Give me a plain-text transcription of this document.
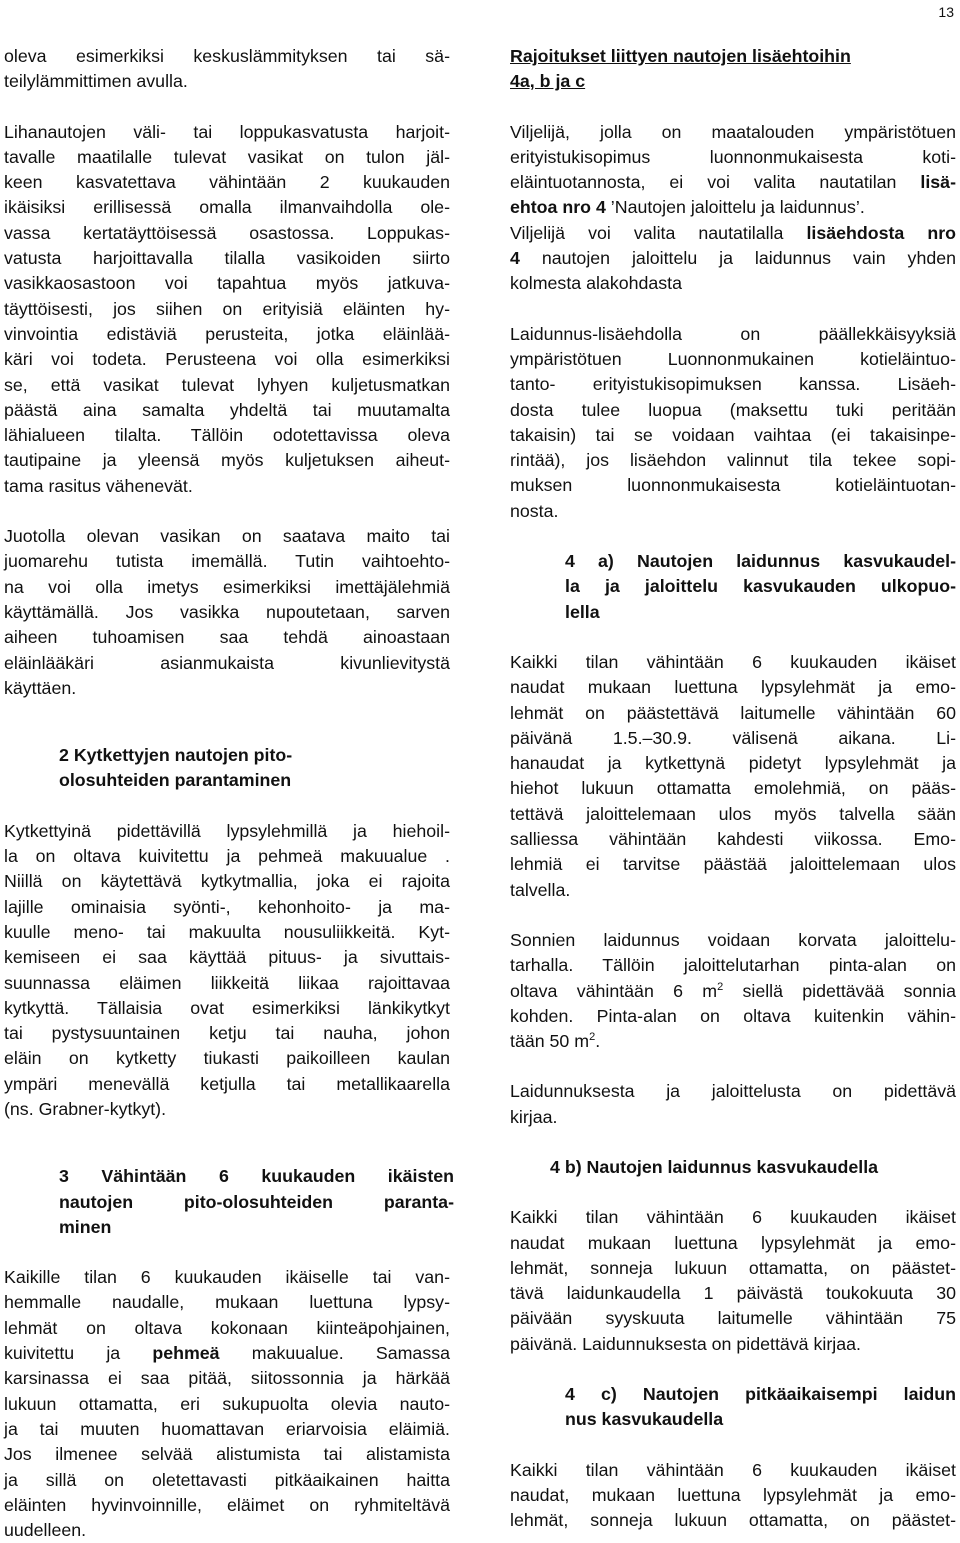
13
oleva esimerkiksi keskuslämmityksen tai sä-
teilylämmittimen avulla.
Lihanautojen väli- tai loppukasvatusta harjoit-
tavalle maatilalle tulevat vasikat on tulon jäl-
keen kasvatettava vähintään 2 kuukauden
ikäisiksi erillisessä omalla ilmanvaihdolla ole-
vassa kertatäyttöisessä osastossa. Loppukas-
vatusta harjoittavalla tilalla vasikoiden siirto
vasikkaosastoon voi tapahtua myös jatkuva-
täyttöisesti, jos siihen on erityisiä eläinten hy-
vinvointia edistäviä perusteita, jotka eläinlää-
käri voi todeta. Perusteena voi olla esimerkiksi
se, että vasikat tulevat lyhyen kuljetusmatkan
päästä aina samalta yhdeltä tai muutamalta
lähialueen tilalta. Tällöin odotettavissa oleva
tautipaine ja yleensä myös kuljetuksen aiheut-
tama rasitus vähenevät.
Juotolla olevan vasikan on saatava maito tai
juomarehu tutista imemällä. Tutin vaihtoehto-
na voi olla imetys esimerkiksi imettäjälehmiä
käyttämällä. Jos vasikka nupoutetaan, sarven
aiheen tuhoamisen saa tehdä ainoastaan
eläinlääkäri asianmukaista kivunlievitystä
käyttäen.
2 Kytkettyjen nautojen pito-
olosuhteiden parantaminen
Kytkettyinä pidettävillä lypsylehmillä ja hiehoil-
la on oltava kuivitettu ja pehmeä makuualue .
Niillä on käytettävä kytkytmallia, joka ei rajoita
lajille ominaisia syönti-, kehonhoito- ja ma-
kuulle meno- tai makuulta nousuliikkeitä. Kyt-
kemiseen ei saa käyttää pituus- ja sivuttais-
suunnassa eläimen liikkeitä liikaa rajoittavaa
kytkyttä. Tällaisia ovat esimerkiksi länkikytkyt
tai pystysuuntainen ketju tai nauha, johon
eläin on kytketty tiukasti paikoilleen kaulan
ympäri menevällä ketjulla tai metallikaarella
(ns. Grabner-kytkyt).
3 Vähintään 6 kuukauden ikäisten
nautojen pito-olosuhteiden paranta-
minen
Kaikille tilan 6 kuukauden ikäiselle tai van-
hemmalle naudalle, mukaan luettuna lypsy-
lehmät on oltava kokonaan kiinteäpohjainen,
kuivitettu ja pehmeä makuualue. Samassa
karsinassa ei saa pitää, siitossonnia ja härkää
lukuun ottamatta, eri sukupuolta olevia nauto-
ja tai muuten huomattavan eriarvoisia eläimiä.
Jos ilmenee selvää alistumista tai alistamista
ja sillä on oletettavasti pitkäaikainen haitta
eläinten hyvinvoinnille, eläimet on ryhmiteltävä
uudelleen.
Rajoitukset liittyen nautojen lisäehtoihin
4a, b ja c
Viljelijä, jolla on maatalouden ympäristötuen
erityistukisopimus luonnonmukaisesta koti-
eläintuotannosta, ei voi valita nautatilan lisä-
ehtoa nro 4 ’Nautojen jaloittelu ja laidunnus’.
Viljelijä voi valita nautatilalla lisäehdosta nro
4 nautojen jaloittelu ja laidunnus vain yhden
kolmesta alakohdasta
Laidunnus-lisäehdolla on päällekkäisyyksiä
ympäristötuen Luonnonmukainen kotieläintuo-
tanto- erityistukisopimuksen kanssa. Lisäeh-
dosta tulee luopua (maksettu tuki peritään
takaisin) tai se voidaan vaihtaa (ei takaisinpe-
rintää), jos lisäehdon valinnut tila tekee sopi-
muksen luonnonmukaisesta kotieläintuotan-
nosta.
4 a) Nautojen laidunnus kasvukaudel-
la ja jaloittelu kasvukauden ulkopuo-
lella
Kaikki tilan vähintään 6 kuukauden ikäiset
naudat mukaan luettuna lypsylehmät ja emo-
lehmät on päästettävä laitumelle vähintään 60
päivänä 1.5.–30.9. välisenä aikana. Li-
hanaudat ja kytkettynä pidetyt lypsylehmät ja
hiehot lukuun ottamatta emolehmiä, on pääs-
tettävä jaloittelemaan ulos myös talvella sään
salliessa vähintään kahdesti viikossa. Emo-
lehmiä ei tarvitse päästää jaloittelemaan ulos
talvella.
Sonnien laidunnus voidaan korvata jaloittelu-
tarhalla. Tällöin jaloittelutarhan pinta-alan on
oltava vähintään 6 $m^2$ siellä pidettävää sonnia
kohden. Pinta-alan on oltava kuitenkin vähin-
tään 50 $m^2$.
Laidunnuksesta ja jaloittelusta on pidettävä
kirjaa.
4 b) Nautojen laidunnus kasvukaudella
Kaikki tilan vähintään 6 kuukauden ikäiset
naudat mukaan luettuna lypsylehmät ja emo-
lehmät, sonneja lukuun ottamatta, on päästet-
tävä laidunkaudella 1 päivästä toukokuuta 30
päivään syyskuuta laitumelle vähintään 75
päivänä. Laidunnuksesta on pidettävä kirjaa.
4 c) Nautojen pitkäaikaisempi laidun
nus kasvukaudella
Kaikki tilan vähintään 6 kuukauden ikäiset
naudat, mukaan luettuna lypsylehmät ja emo-
lehmät, sonneja lukuun ottamatta, on päästet-
